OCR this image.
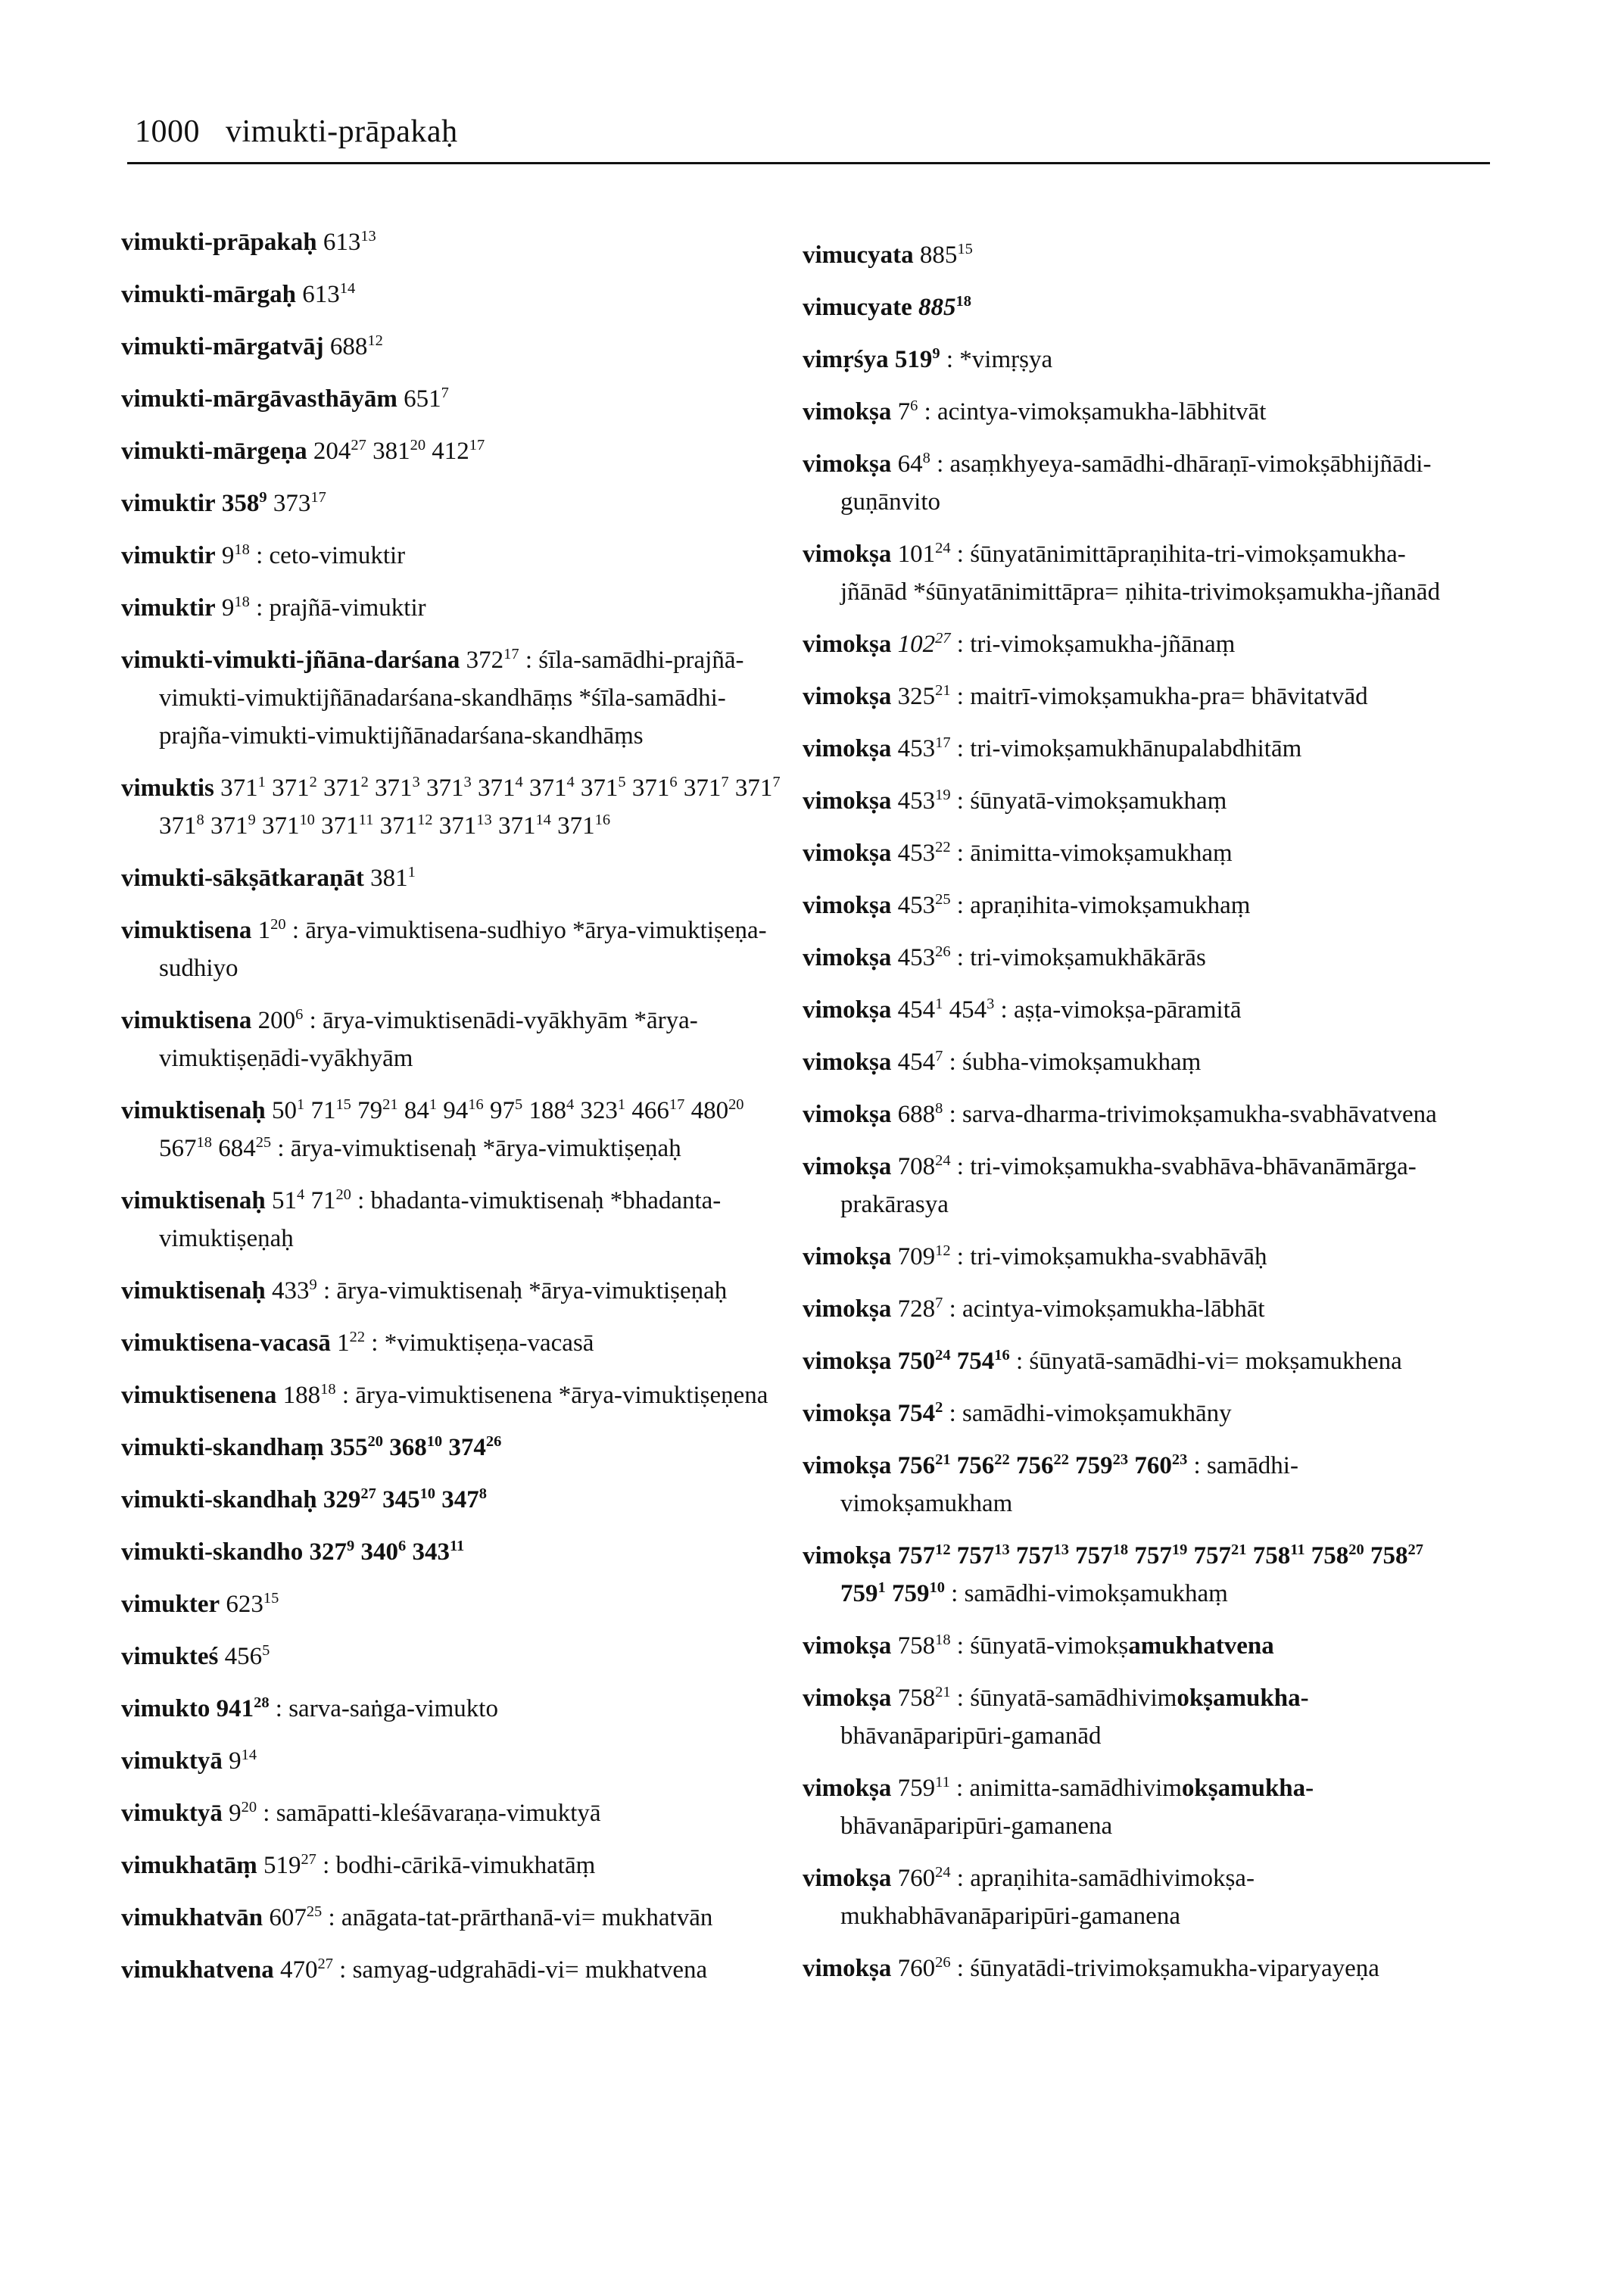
1000 vimukti-prāpakaḥ
vimukti-prāpakaḥ $613^{13}$
vimukti-mārgaḥ $613^{14}$
vimukti-mārgatvāj $688^{12}$
vimukti-mārgāvasthāyām $651^7$
vimukti-mārgeṇa $204^{27}$ $381^{20}$ $412^{17}$
vimuktir $358^9$ $373^{17}$
vimuktir $9^{18}$ : ceto-vimuktir
vimuktir $9^{18}$ : prajñā-vimuktir
vimukti-vimukti-jñāna-darśana $372^{17}$ : śīla-samādhi-prajñā-vimukti-vimuktijñānadarśana-skandhāṃs *śīla-samādhi-prajña-vimukti-vimuktijñānadarśana-skandhāṃs
vimuktis $371^1$ $371^2$ $371^2$ $371^3$ $371^3$ $371^4$ $371^4$ $371^5$ $371^6$ $371^7$ $371^7$ $371^8$ $371^9$ $371^{10}$ $371^{11}$ $371^{12}$ $371^{13}$ $371^{14}$ $371^{16}$
vimukti-sākṣātkaraṇāt $381^1$
vimuktisena $1^{20}$ : ārya-vimuktisena-sudhiyo *ārya-vimuktiṣeṇa-sudhiyo
vimuktisena $200^6$ : ārya-vimuktisenādi-vyākhyām *ārya-vimuktiṣeṇādi-vyākhyām
vimuktisenaḥ $50^1$ $71^{15}$ $79^{21}$ $84^1$ $94^{16}$ $97^5$ $188^4$ $323^1$ $466^{17}$ $480^{20}$ $567^{18}$ $684^{25}$ : ārya-vimuktisenaḥ *ārya-vimuktiṣeṇaḥ
vimuktisenaḥ $51^4$ $71^{20}$ : bhadanta-vimuktisenaḥ *bhadanta-vimuktiṣeṇaḥ
vimuktisenaḥ $433^9$ : ārya-vimuktisenaḥ *ārya-vimuktiṣeṇaḥ
vimuktisena-vacasā $1^{22}$ : *vimuktiṣeṇa-vacasā
vimuktisenena $188^{18}$ : ārya-vimuktisenena *ārya-vimuktiṣeṇena
vimukti-skandhaṃ $355^{20}$ $368^{10}$ $374^{26}$
vimukti-skandhaḥ $329^{27}$ $345^{10}$ $347^8$
vimukti-skandho $327^9$ $340^6$ $343^{11}$
vimukter $623^{15}$
vimukteś $456^5$
vimukto $941^{28}$ : sarva-saṅga-vimukto
vimuktyā $9^{14}$
vimuktyā $9^{20}$ : samāpatti-kleśāvaraṇa-vimuktyā
vimukhatāṃ $519^{27}$ : bodhi-cārikā-vimukhatāṃ
vimukhatvān $607^{25}$ : anāgata-tat-prārthanā-vi= mukhatvān
vimukhatvena $470^{27}$ : samyag-udgrahādi-vi= mukhatvena
vimucyata $885^{15}$
vimucyate $885^{18}$
vimṛśya $519^9$ : *vimṛṣya
vimokṣa $7^6$ : acintya-vimokṣamukha-lābhitvāt
vimokṣa $64^8$ : asaṃkhyeya-samādhi-dhāraṇī-vimokṣābhijñādi-guṇānvito
vimokṣa $101^{24}$ : śūnyatānimittāpraṇihita-tri-vimokṣamukha-jñānād *śūnyatānimittāpra= ṇihita-trivimokṣamukha-jñanād
vimokṣa $102^{27}$ : tri-vimokṣamukha-jñānaṃ
vimokṣa $325^{21}$ : maitrī-vimokṣamukha-pra= bhāvitatvād
vimokṣa $453^{17}$ : tri-vimokṣamukhānupalabdhitām
vimokṣa $453^{19}$ : śūnyatā-vimokṣamukhaṃ
vimokṣa $453^{22}$ : ānimitta-vimokṣamukhaṃ
vimokṣa $453^{25}$ : apraṇihita-vimokṣamukhaṃ
vimokṣa $453^{26}$ : tri-vimokṣamukhākārās
vimokṣa $454^1$ $454^3$ : aṣṭa-vimokṣa-pāramitā
vimokṣa $454^7$ : śubha-vimokṣamukhaṃ
vimokṣa $688^8$ : sarva-dharma-trivimokṣamukha-svabhāvatvena
vimokṣa $708^{24}$ : tri-vimokṣamukha-svabhāva-bhāvanāmārga-prakārasya
vimokṣa $709^{12}$ : tri-vimokṣamukha-svabhāvāḥ
vimokṣa $728^7$ : acintya-vimokṣamukha-lābhāt
vimokṣa $750^{24}$ $754^{16}$ : śūnyatā-samādhi-vi= mokṣamukhena
vimokṣa $754^2$ : samādhi-vimokṣamukhāny
vimokṣa $756^{21}$ $756^{22}$ $756^{22}$ $759^{23}$ $760^{23}$ : samādhi-vimokṣamukham
vimokṣa $757^{12}$ $757^{13}$ $757^{13}$ $757^{18}$ $757^{19}$ $757^{21}$ $758^{11}$ $758^{20}$ $758^{27}$ $759^1$ $759^{10}$ : samādhi-vimokṣamukhaṃ
vimokṣa $758^{18}$ : śūnyatā-vimokṣamukhatvena
vimokṣa $758^{21}$ : śūnyatā-samādhivimokṣamukha-bhāvanāparipūri-gamanād
vimokṣa $759^{11}$ : animitta-samādhivimokṣamukha-bhāvanāparipūri-gamanena
vimokṣa $760^{24}$ : apraṇihita-samādhivimokṣa-mukhabhāvanāparipūri-gamanena
vimokṣa $760^{26}$ : śūnyatādi-trivimokṣamukha-viparyayeṇa
